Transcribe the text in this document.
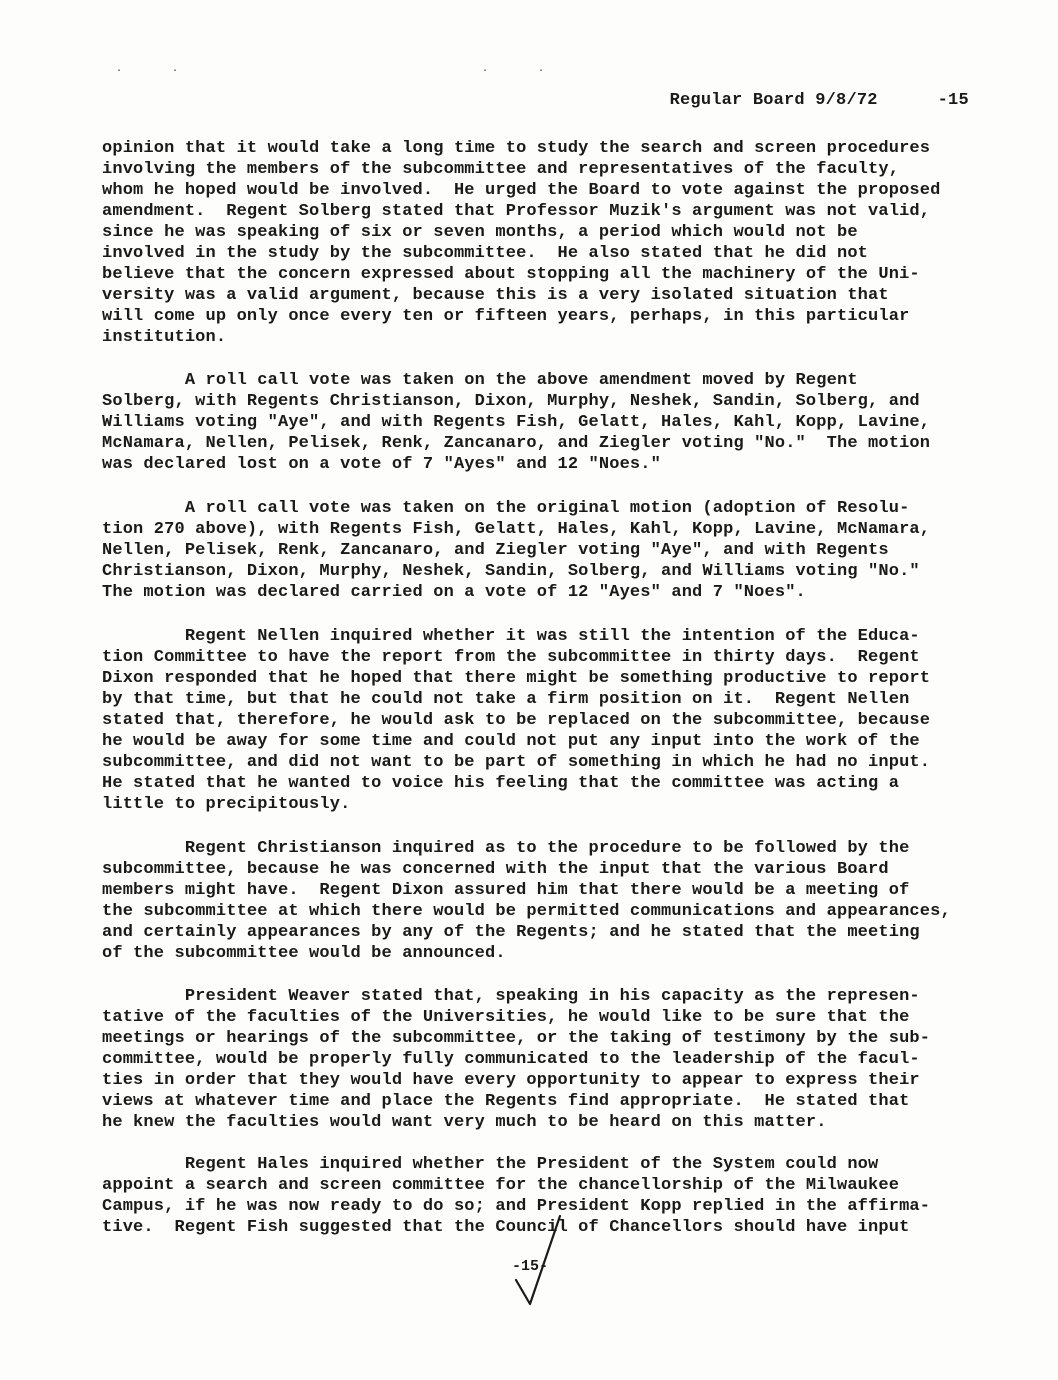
·	·	·	·

Regular Board 9/8/72	-15

opinion that it would take a long time to study the search and screen procedures
involving the members of the subcommittee and representatives of the faculty,
whom he hoped would be involved.  He urged the Board to vote against the proposed
amendment.  Regent Solberg stated that Professor Muzik's argument was not valid,
since he was speaking of six or seven months, a period which would not be
involved in the study by the subcommittee.  He also stated that he did not
believe that the concern expressed about stopping all the machinery of the Uni-
versity was a valid argument, because this is a very isolated situation that
will come up only once every ten or fifteen years, perhaps, in this particular
institution.
A roll call vote was taken on the above amendment moved by Regent
Solberg, with Regents Christianson, Dixon, Murphy, Neshek, Sandin, Solberg, and
Williams voting "Aye", and with Regents Fish, Gelatt, Hales, Kahl, Kopp, Lavine,
McNamara, Nellen, Pelisek, Renk, Zancanaro, and Ziegler voting "No."  The motion
was declared lost on a vote of 7 "Ayes" and 12 "Noes."
A roll call vote was taken on the original motion (adoption of Resolu-
tion 270 above), with Regents Fish, Gelatt, Hales, Kahl, Kopp, Lavine, McNamara,
Nellen, Pelisek, Renk, Zancanaro, and Ziegler voting "Aye", and with Regents
Christianson, Dixon, Murphy, Neshek, Sandin, Solberg, and Williams voting "No."
The motion was declared carried on a vote of 12 "Ayes" and 7 "Noes".
Regent Nellen inquired whether it was still the intention of the Educa-
tion Committee to have the report from the subcommittee in thirty days.  Regent
Dixon responded that he hoped that there might be something productive to report
by that time, but that he could not take a firm position on it.  Regent Nellen
stated that, therefore, he would ask to be replaced on the subcommittee, because
he would be away for some time and could not put any input into the work of the
subcommittee, and did not want to be part of something in which he had no input.
He stated that he wanted to voice his feeling that the committee was acting a
little to precipitously.
Regent Christianson inquired as to the procedure to be followed by the
subcommittee, because he was concerned with the input that the various Board
members might have.  Regent Dixon assured him that there would be a meeting of
the subcommittee at which there would be permitted communications and appearances,
and certainly appearances by any of the Regents; and he stated that the meeting
of the subcommittee would be announced.
President Weaver stated that, speaking in his capacity as the represen-
tative of the faculties of the Universities, he would like to be sure that the
meetings or hearings of the subcommittee, or the taking of testimony by the sub-
committee, would be properly fully communicated to the leadership of the facul-
ties in order that they would have every opportunity to appear to express their
views at whatever time and place the Regents find appropriate.  He stated that
he knew the faculties would want very much to be heard on this matter.
Regent Hales inquired whether the President of the System could now
appoint a search and screen committee for the chancellorship of the Milwaukee
Campus, if he was now ready to do so; and President Kopp replied in the affirma-
tive.  Regent Fish suggested that the Council of Chancellors should have input
-15-
